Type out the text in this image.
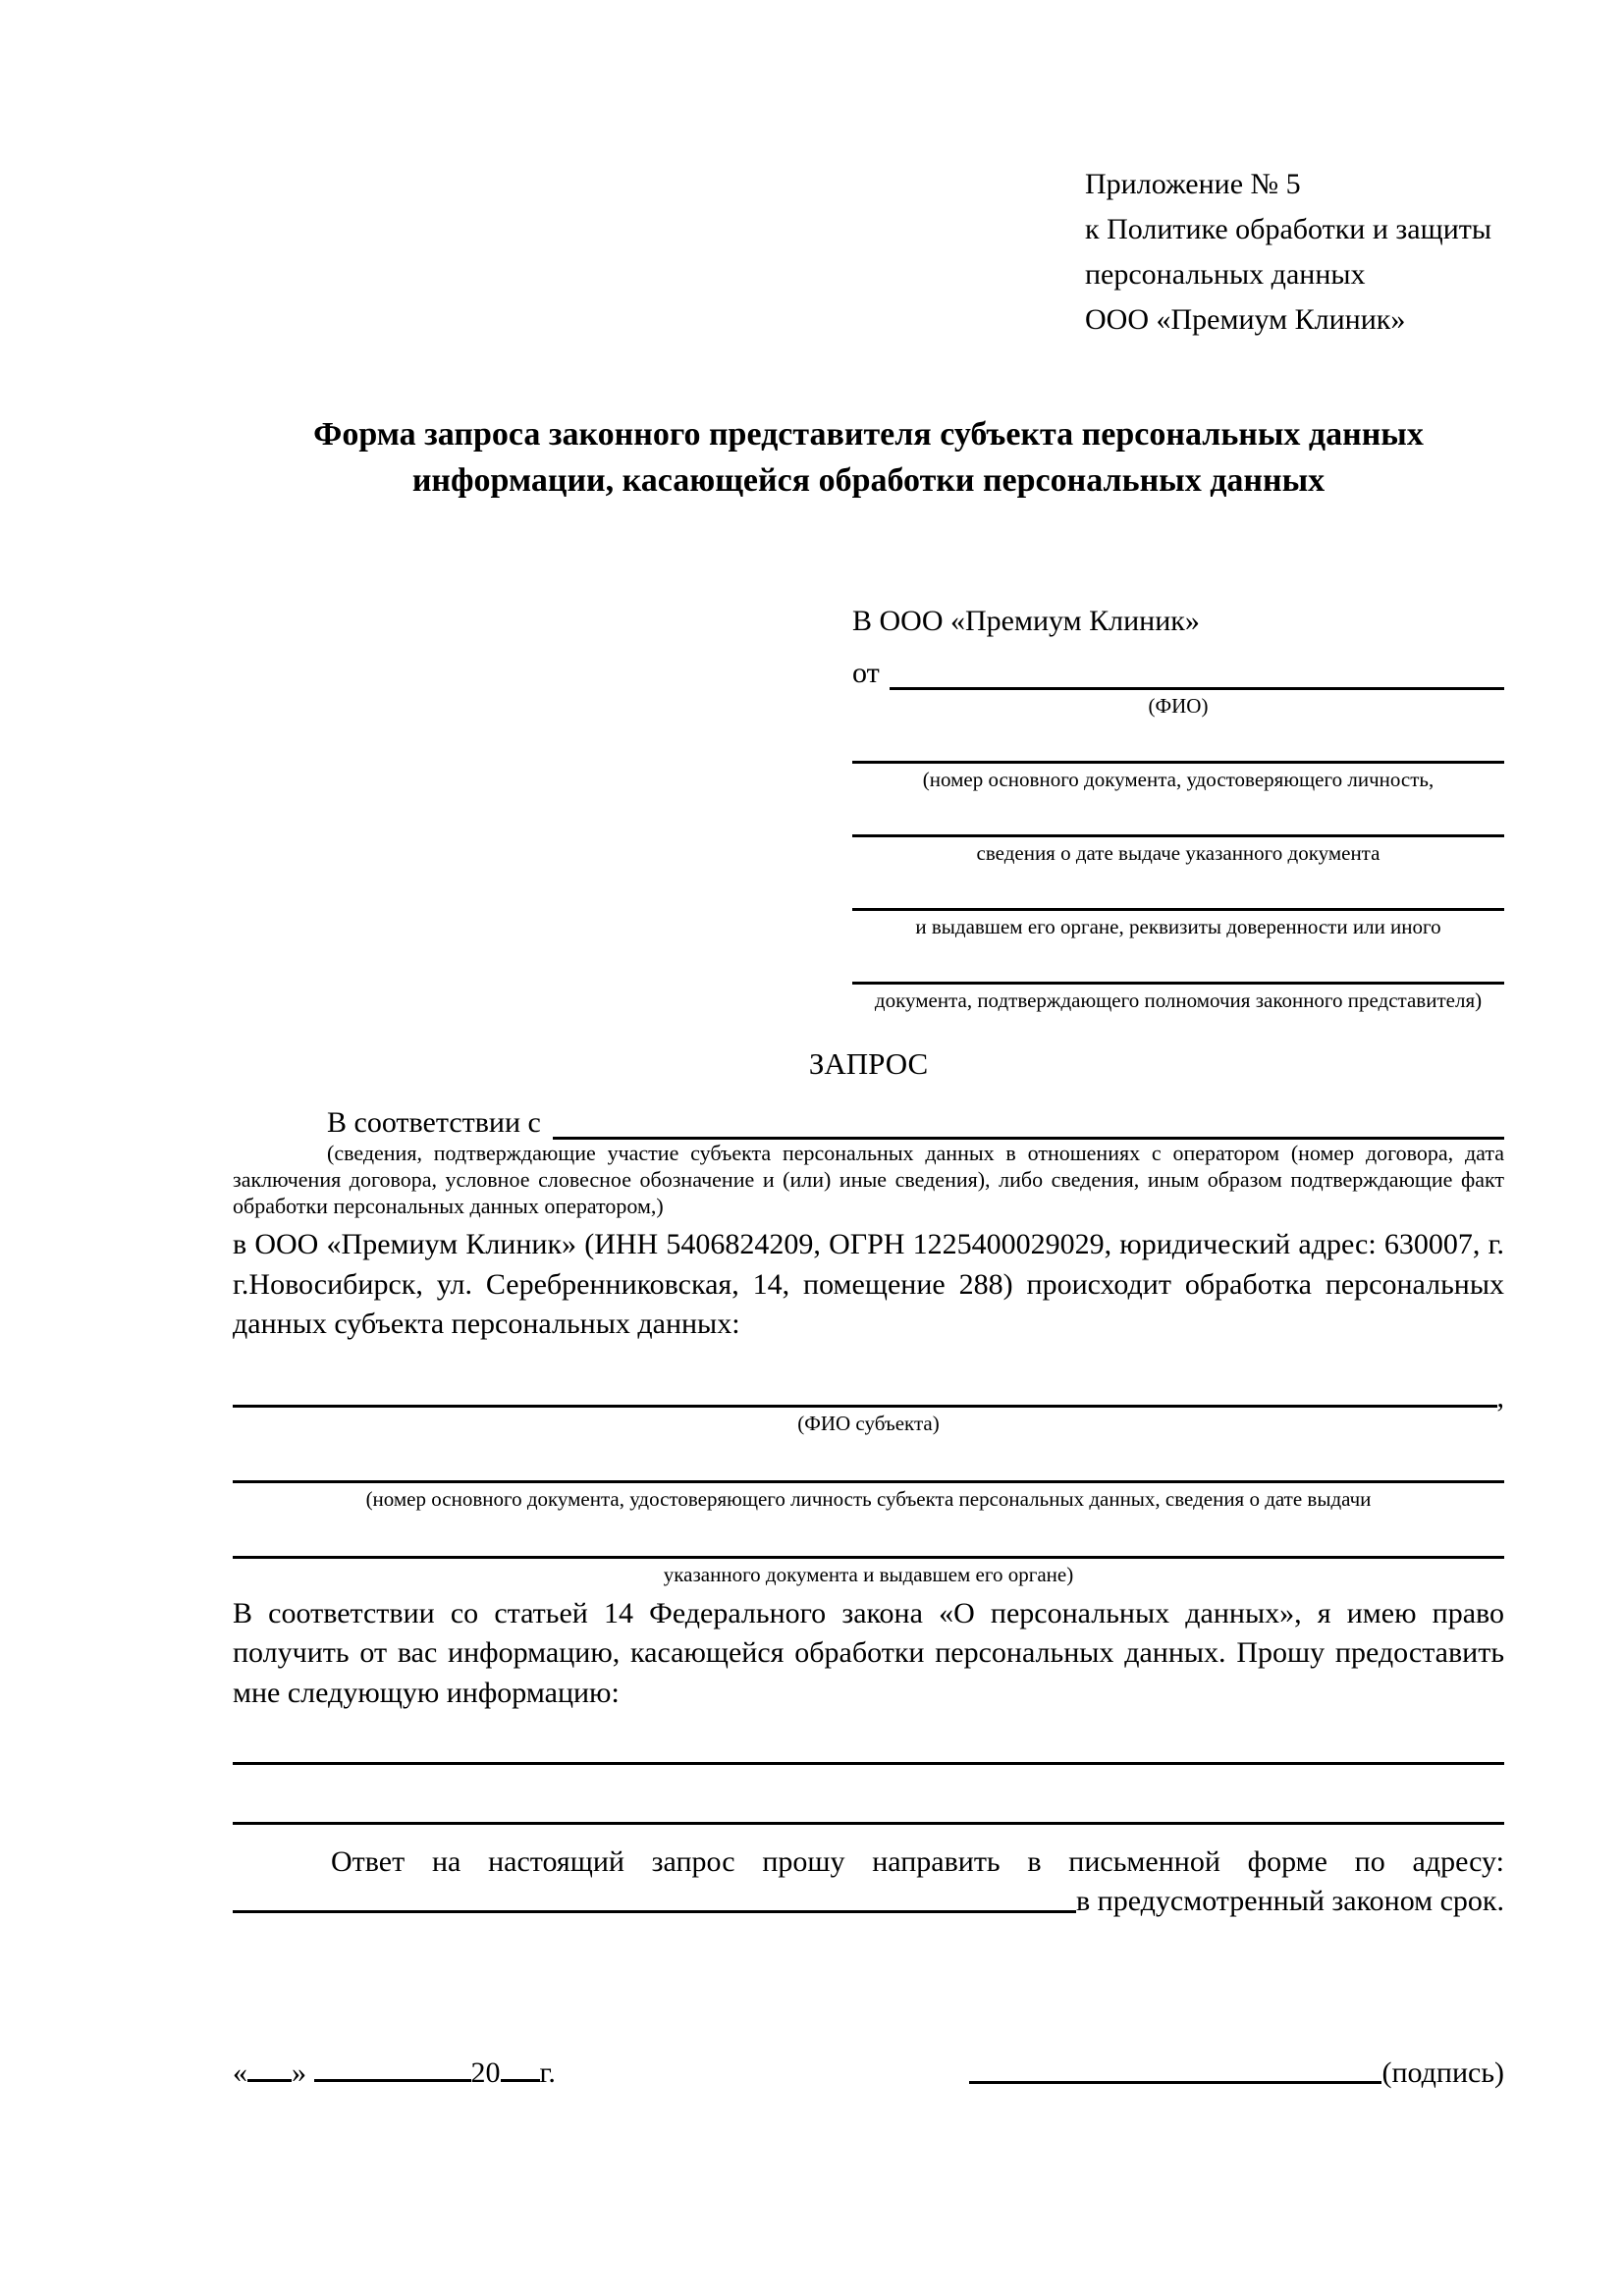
Приложение № 5
к Политике обработки и защиты
персональных данных
ООО «Премиум Клиник»
Форма запроса законного представителя субъекта персональных данных информации, касающейся обработки персональных данных
В ООО «Премиум Клиник»
от
(ФИО)
(номер основного документа, удостоверяющего личность,
сведения о дате выдаче указанного документа
и выдавшем его органе, реквизиты доверенности или иного
документа, подтверждающего полномочия законного представителя)
ЗАПРОС
В соответствии с
(сведения, подтверждающие участие субъекта персональных данных в отношениях с оператором (номер договора, дата заключения договора, условное словесное обозначение и (или) иные сведения), либо сведения, иным образом подтверждающие факт обработки персональных данных оператором,)
в ООО «Премиум Клиник» (ИНН 5406824209, ОГРН 1225400029029, юридический адрес: 630007, г. г.Новосибирск, ул. Серебренниковская, 14, помещение 288) происходит обработка персональных данных субъекта персональных данных:
,
(ФИО субъекта)
(номер основного документа, удостоверяющего личность субъекта персональных данных, сведения о дате выдачи
указанного документа и выдавшем его органе)
В соответствии со статьей 14 Федерального закона «О персональных данных», я имею право получить от вас информацию, касающейся обработки персональных данных. Прошу предоставить мне следующую информацию:
Ответ на настоящий запрос прошу направить в письменной форме по адресу:
в предусмотренный законом срок.
« »	20 г.	(подпись)
